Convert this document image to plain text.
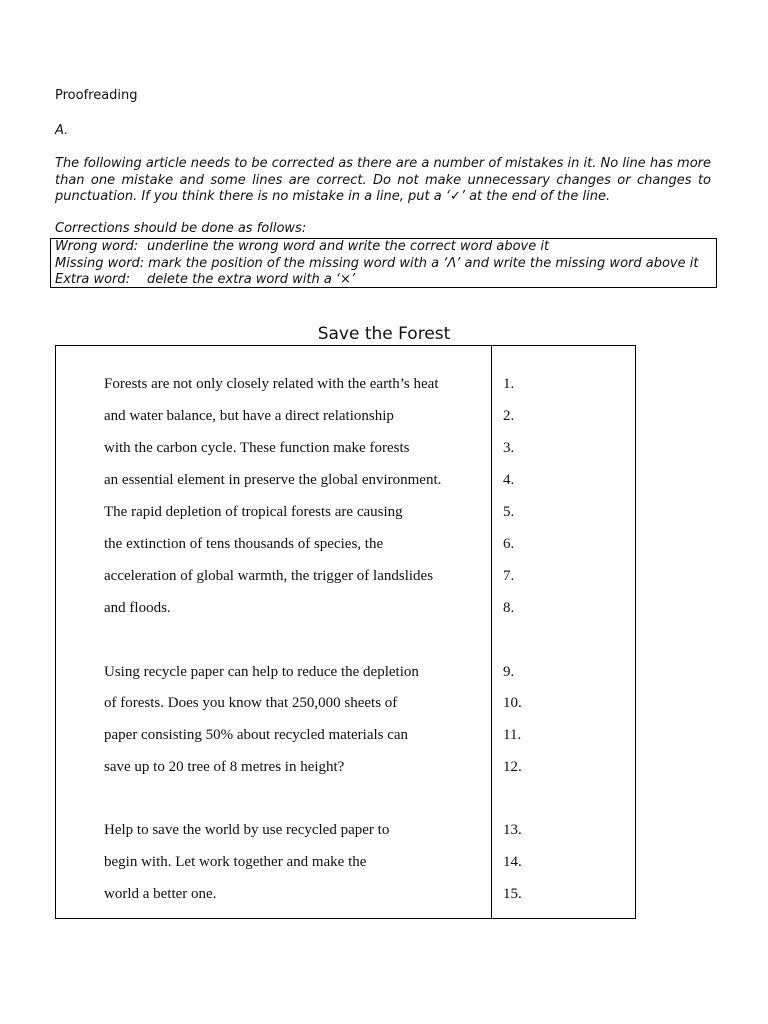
Proofreading
A.
The following article needs to be corrected as there are a number of mistakes in it. No line has more than one mistake and some lines are correct. Do not make unnecessary changes or changes to punctuation. If you think there is no mistake in a line, put a ‘✓’ at the end of the line.
Corrections should be done as follows:
Wrong word: underline the wrong word and write the correct word above it
Missing word: mark the position of the missing word with a ‘Λ’ and write the missing word above it
Extra word:	delete the extra word with a ‘×’
Save the Forest
Forests are not only closely related with the earth’s heat	1.
and water balance, but have a direct relationship	2.
with the carbon cycle. These function make forests	3.
an essential element in preserve the global environment.	4.
The rapid depletion of tropical forests are causing	5.
the extinction of tens thousands of species, the	6.
acceleration of global warmth, the trigger of landslides	7.
and floods.	8.
Using recycle paper can help to reduce the depletion	9.
of forests. Does you know that 250,000 sheets of	10.
paper consisting 50% about recycled materials can	11.
save up to 20 tree of 8 metres in height?	12.
Help to save the world by use recycled paper to	13.
begin with. Let work together and make the	14.
world a better one.	15.
